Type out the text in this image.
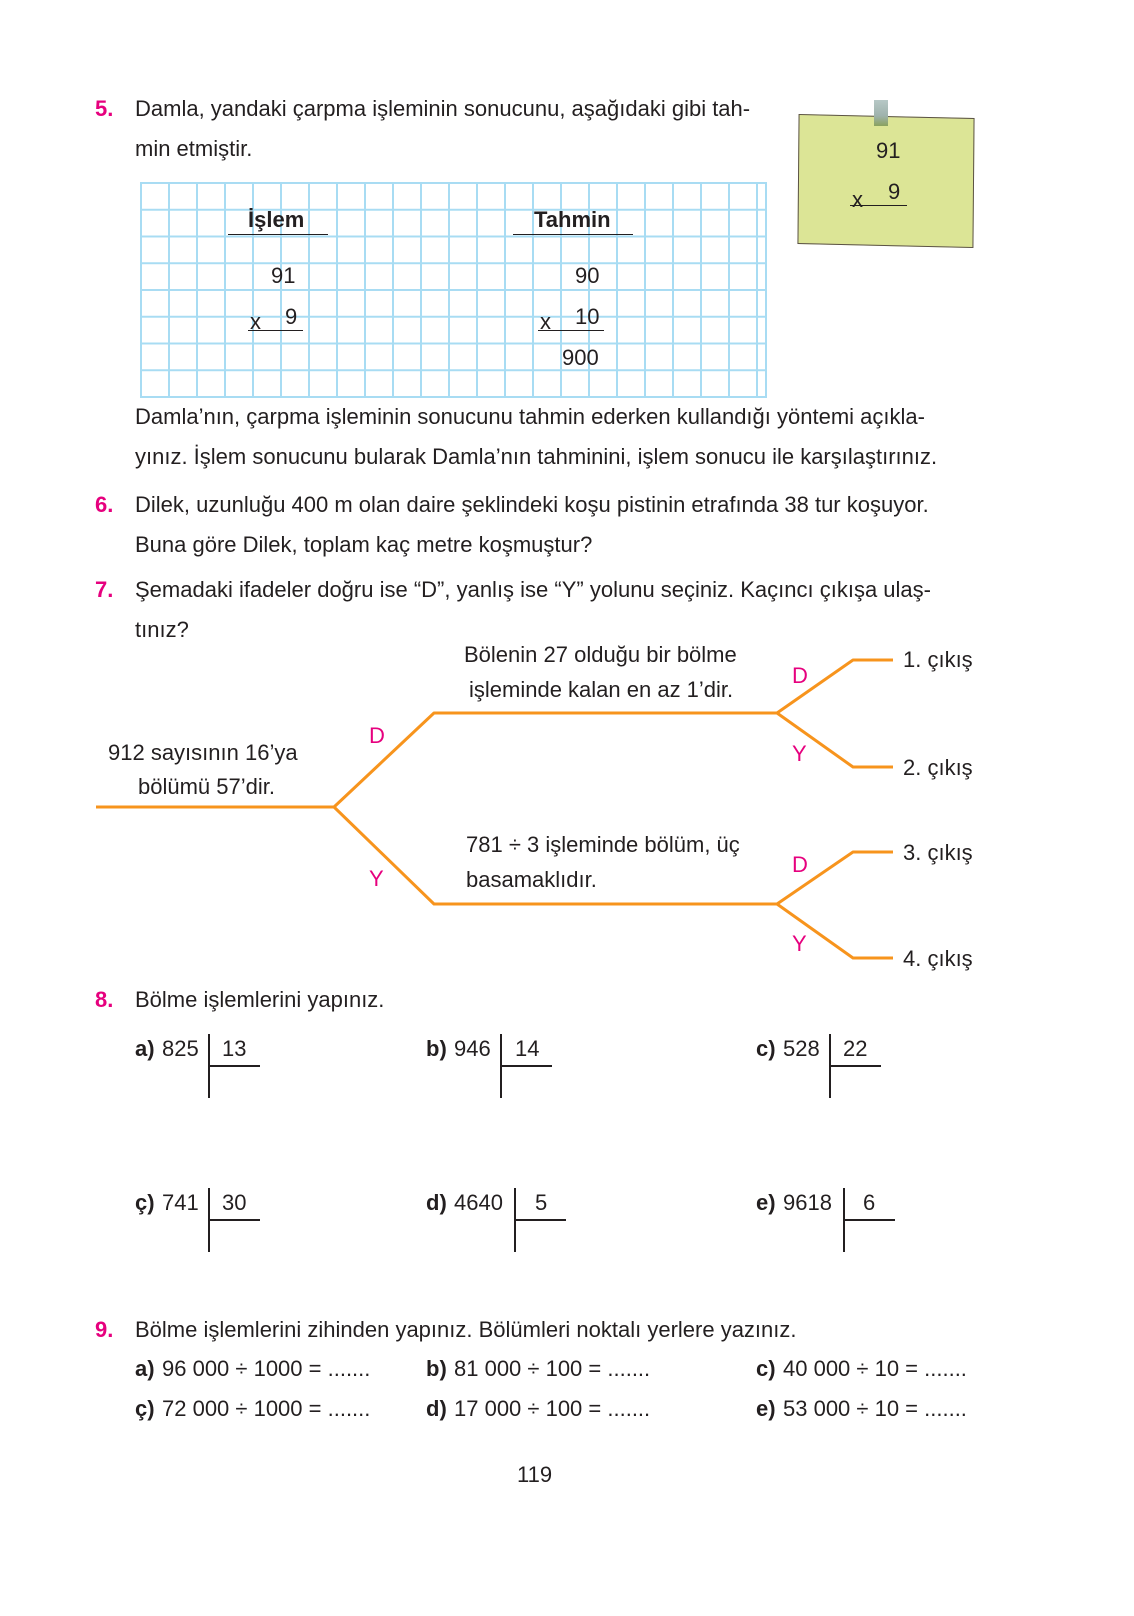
5. Damla, yandaki çarpma işleminin sonucunu, aşağıdaki gibi tah-
min etmiştir.
İşlem	Tahmin
91
x 9
90
x 10
900
91
x 9
Damla’nın, çarpma işleminin sonucunu tahmin ederken kullandığı yöntemi açıkla-
yınız. İşlem sonucunu bularak Damla’nın tahminini, işlem sonucu ile karşılaştırınız.
6. Dilek, uzunluğu 400 m olan daire şeklindeki koşu pistinin etrafında 38 tur koşuyor.
Buna göre Dilek, toplam kaç metre koşmuştur?
7. Şemadaki ifadeler doğru ise “D”, yanlış ise “Y” yolunu seçiniz. Kaçıncı çıkışa ulaş-
tınız?
912 sayısının 16’ya
bölümü 57’dir.
D
Y
Bölenin 27 olduğu bir bölme
işleminde kalan en az 1’dir.
781 ÷ 3 işleminde bölüm, üç
basamaklıdır.
D
Y
D
Y
1. çıkış
2. çıkış
3. çıkış
4. çıkış
8. Bölme işlemlerini yapınız.
a) 825 13	b) 946 14	c) 528 22
ç) 741 30	d) 4640 5	e) 9618 6
9. Bölme işlemlerini zihinden yapınız. Bölümleri noktalı yerlere yazınız.
a) 96 000 ÷ 1000 = .......	b) 81 000 ÷ 100 = .......	c) 40 000 ÷ 10 = .......
ç) 72 000 ÷ 1000 = .......	d) 17 000 ÷ 100 = .......	e) 53 000 ÷ 10 = .......
119
